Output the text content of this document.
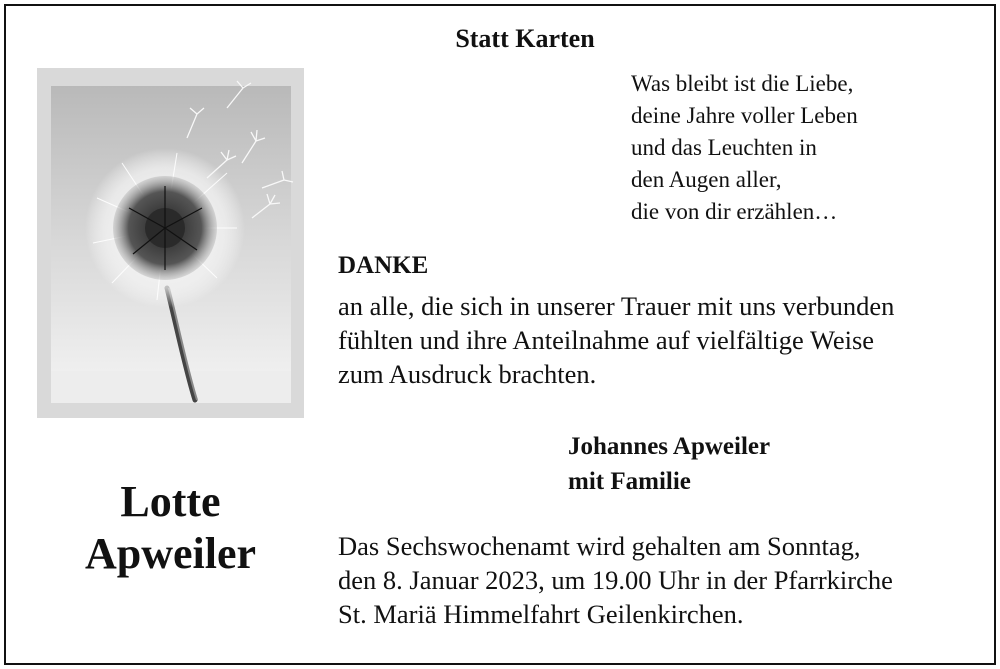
Statt Karten
Was bleibt ist die Liebe,
deine Jahre voller Leben
und das Leuchten in
den Augen aller,
die von dir erzählen…
DANKE
an alle, die sich in unserer Trauer mit uns verbunden
fühlten und ihre Anteilnahme auf vielfältige Weise
zum Ausdruck brachten.
Johannes Apweiler
mit Familie
Lotte
Apweiler	Das Sechswochenamt wird gehalten am Sonntag,
den 8. Januar 2023, um 19.00 Uhr in der Pfarrkirche
St. Mariä Himmelfahrt Geilenkirchen.
